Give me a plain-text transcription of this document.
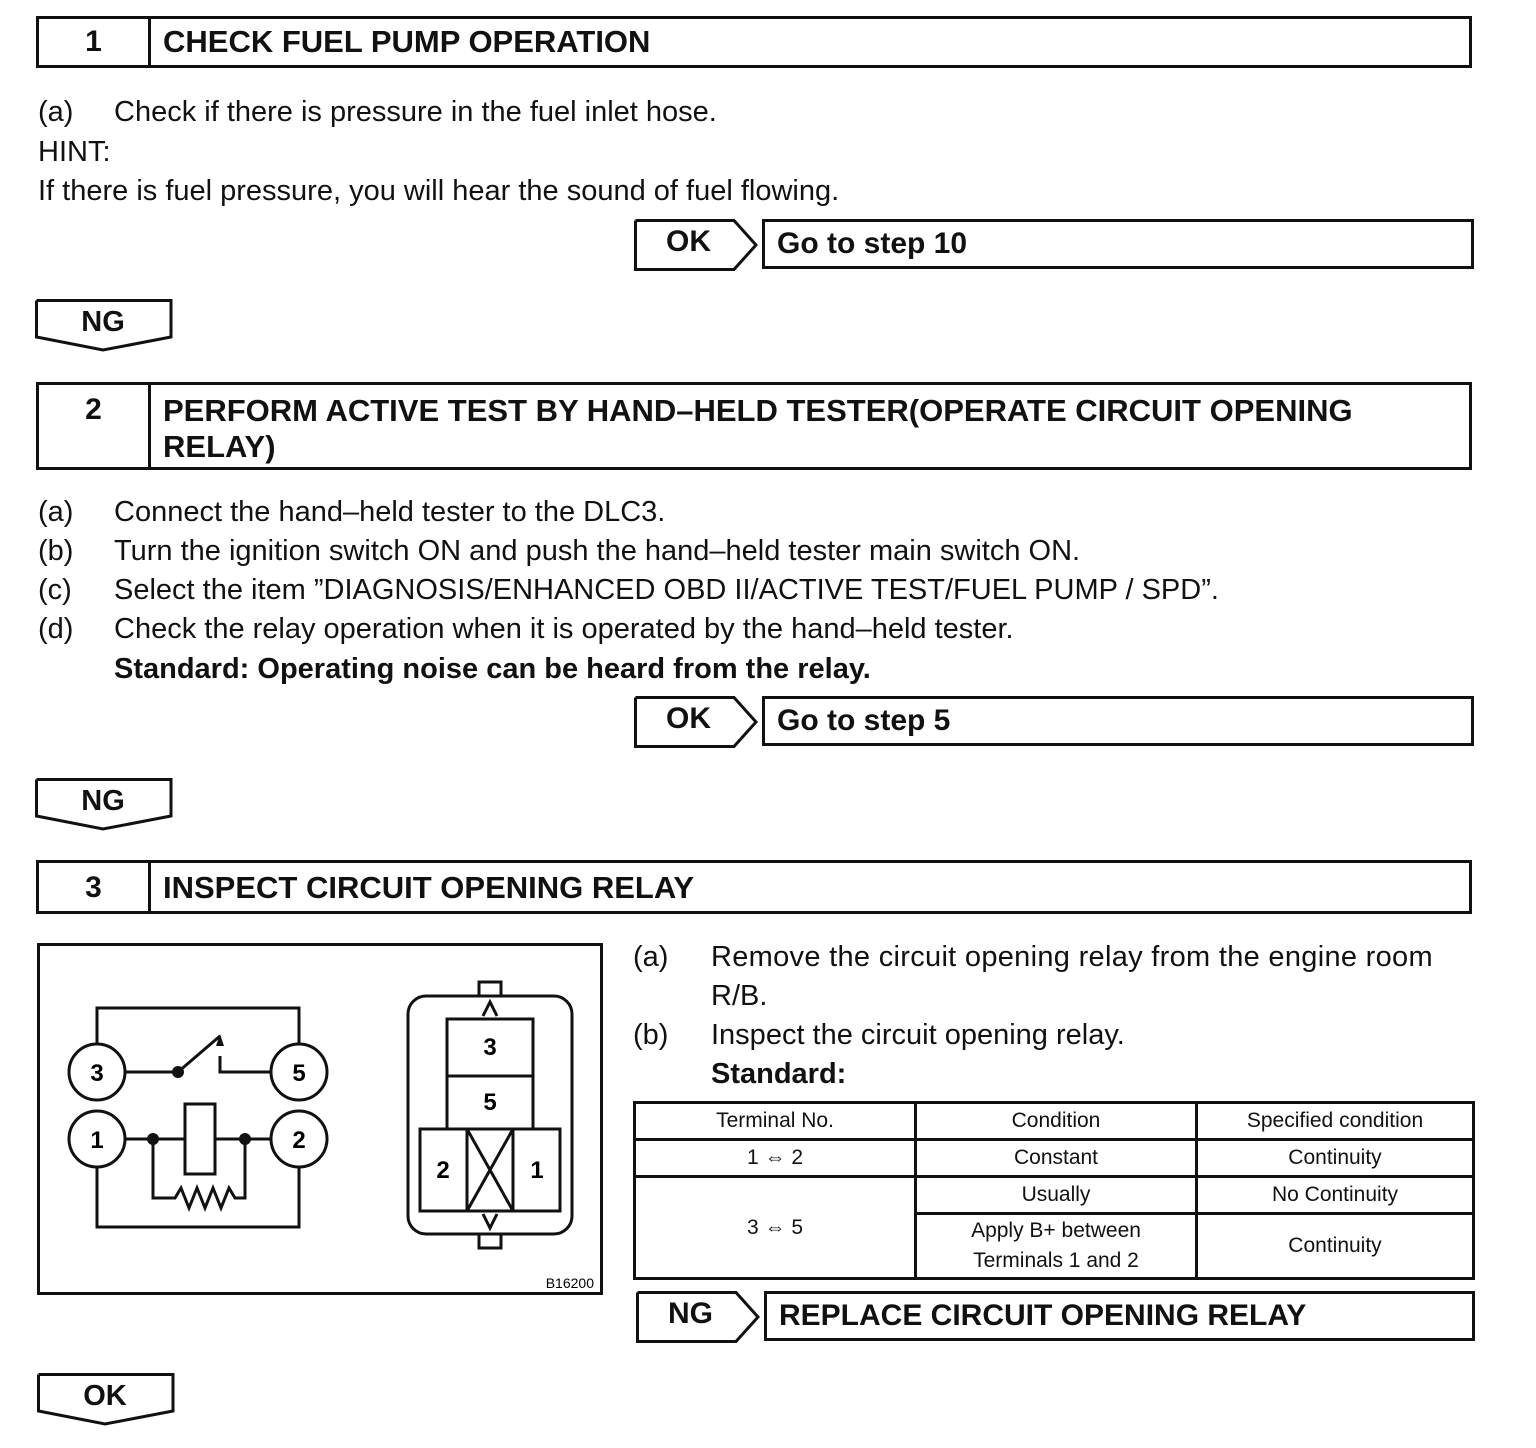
1	CHECK FUEL PUMP OPERATION
(a) Check if there is pressure in the fuel inlet hose.
HINT:
If there is fuel pressure, you will hear the sound of fuel flowing.
OK	Go to step 10
NG
2	PERFORM ACTIVE TEST BY HAND–HELD TESTER(OPERATE CIRCUIT OPENING RELAY)
(a) Connect the hand–held tester to the DLC3.
(b) Turn the ignition switch ON and push the hand–held tester main switch ON.
(c) Select the item ”DIAGNOSIS/ENHANCED OBD II/ACTIVE TEST/FUEL PUMP / SPD”.
(d) Check the relay operation when it is operated by the hand–held tester.
Standard: Operating noise can be heard from the relay.
OK	Go to step 5
NG
3	INSPECT CIRCUIT OPENING RELAY
3	5
1	2
3
5
2	1
B16200
(a) Remove the circuit opening relay from the engine room
R/B.
(b) Inspect the circuit opening relay.
Standard:
Terminal No.	Condition	Specified condition
1 ⇔ 2	Constant	Continuity
3 ⇔ 5	Usually	No Continuity

	Apply B+ between Terminals 1 and 2	Continuity
NG	REPLACE CIRCUIT OPENING RELAY
OK
